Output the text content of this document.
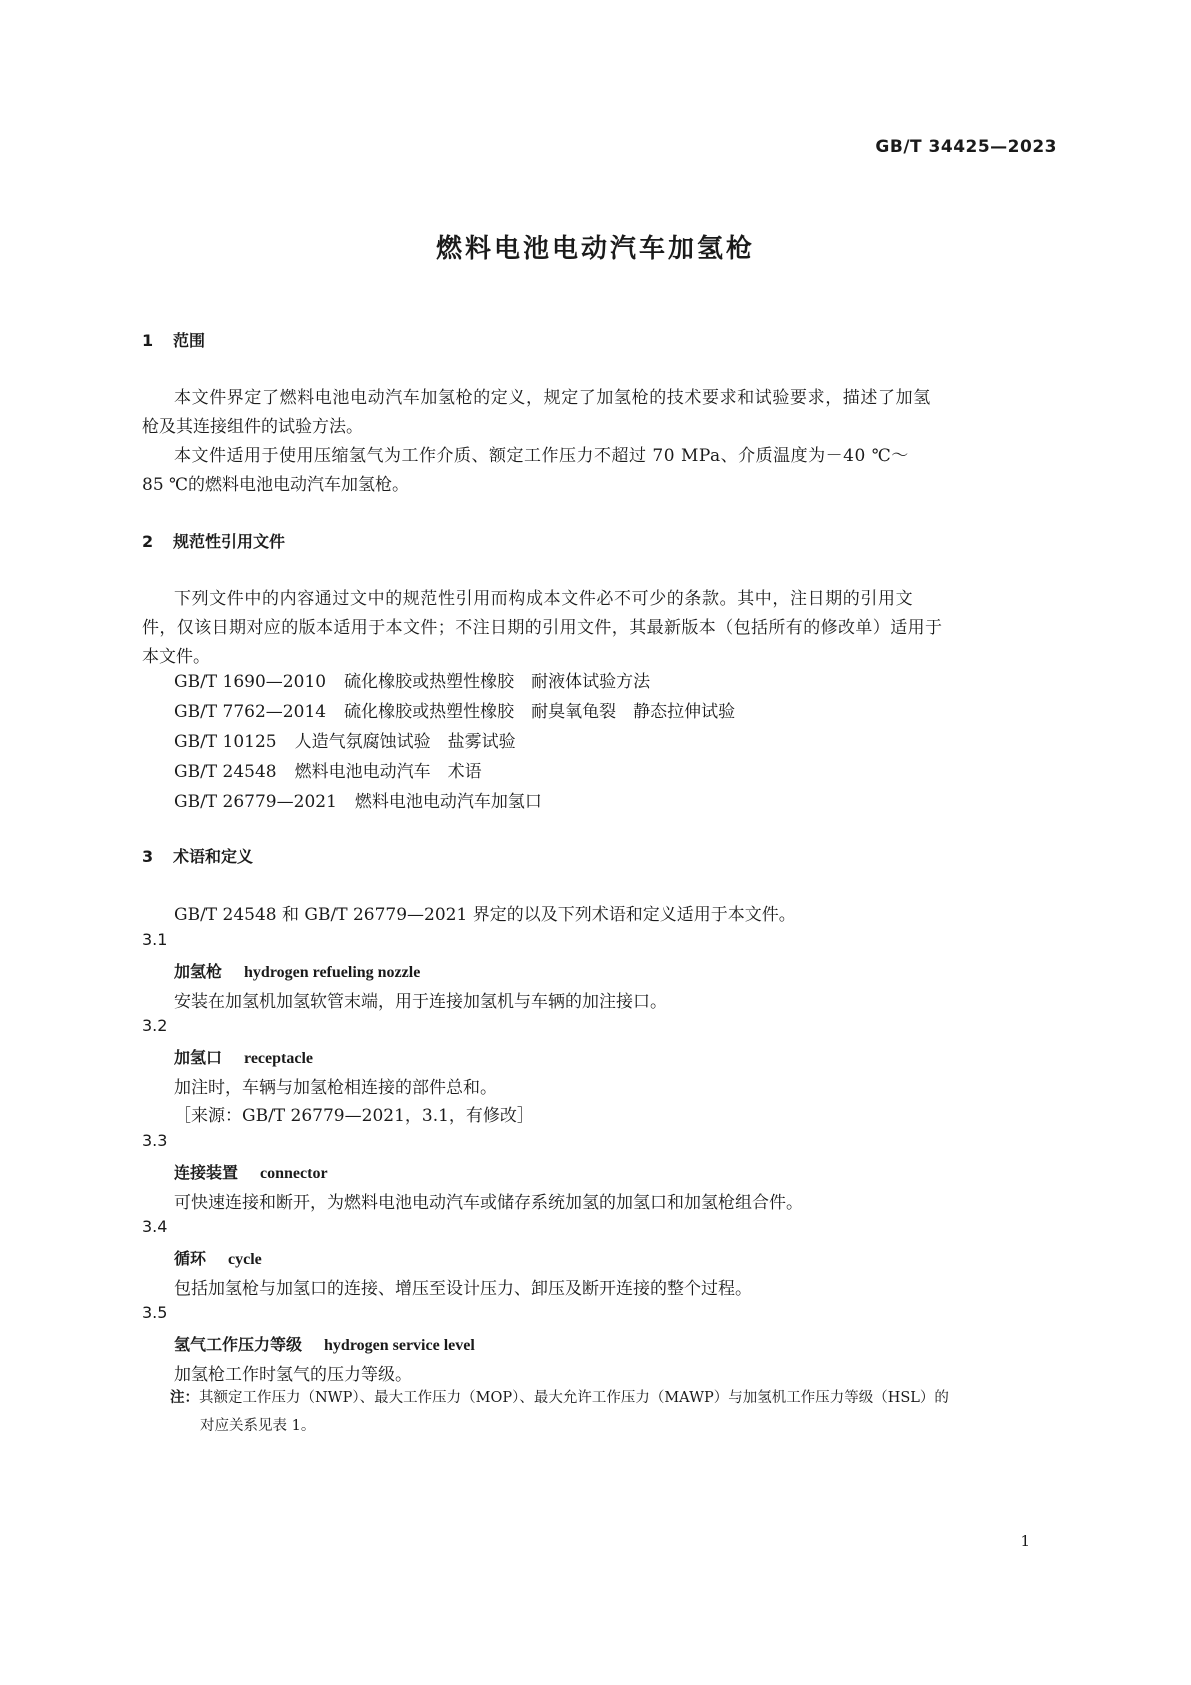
GB/T 34425—2023
燃料电池电动汽车加氢枪
1 范围
本文件界定了燃料电池电动汽车加氢枪的定义，规定了加氢枪的技术要求和试验要求，描述了加氢
枪及其连接组件的试验方法。
本文件适用于使用压缩氢气为工作介质、额定工作压力不超过 70 MPa、介质温度为－40 ℃～
85 ℃的燃料电池电动汽车加氢枪。
2 规范性引用文件
下列文件中的内容通过文中的规范性引用而构成本文件必不可少的条款。其中，注日期的引用文
件，仅该日期对应的版本适用于本文件；不注日期的引用文件，其最新版本（包括所有的修改单）适用于
本文件。
GB/T 1690—2010 硫化橡胶或热塑性橡胶　耐液体试验方法
GB/T 7762—2014 硫化橡胶或热塑性橡胶　耐臭氧龟裂　静态拉伸试验
GB/T 10125 人造气氛腐蚀试验　盐雾试验
GB/T 24548 燃料电池电动汽车　术语
GB/T 26779—2021 燃料电池电动汽车加氢口
3 术语和定义
GB/T 24548 和 GB/T 26779—2021 界定的以及下列术语和定义适用于本文件。
3.1
加氢枪 hydrogen refueling nozzle
安装在加氢机加氢软管末端，用于连接加氢机与车辆的加注接口。
3.2
加氢口 receptacle
加注时，车辆与加氢枪相连接的部件总和。
［来源：GB/T 26779—2021，3.1，有修改］
3.3
连接装置 connector
可快速连接和断开，为燃料电池电动汽车或储存系统加氢的加氢口和加氢枪组合件。
3.4
循环 cycle
包括加氢枪与加氢口的连接、增压至设计压力、卸压及断开连接的整个过程。
3.5
氢气工作压力等级 hydrogen service level
加氢枪工作时氢气的压力等级。
注：其额定工作压力（NWP）、最大工作压力（MOP）、最大允许工作压力（MAWP）与加氢机工作压力等级（HSL）的
对应关系见表 1。
1
